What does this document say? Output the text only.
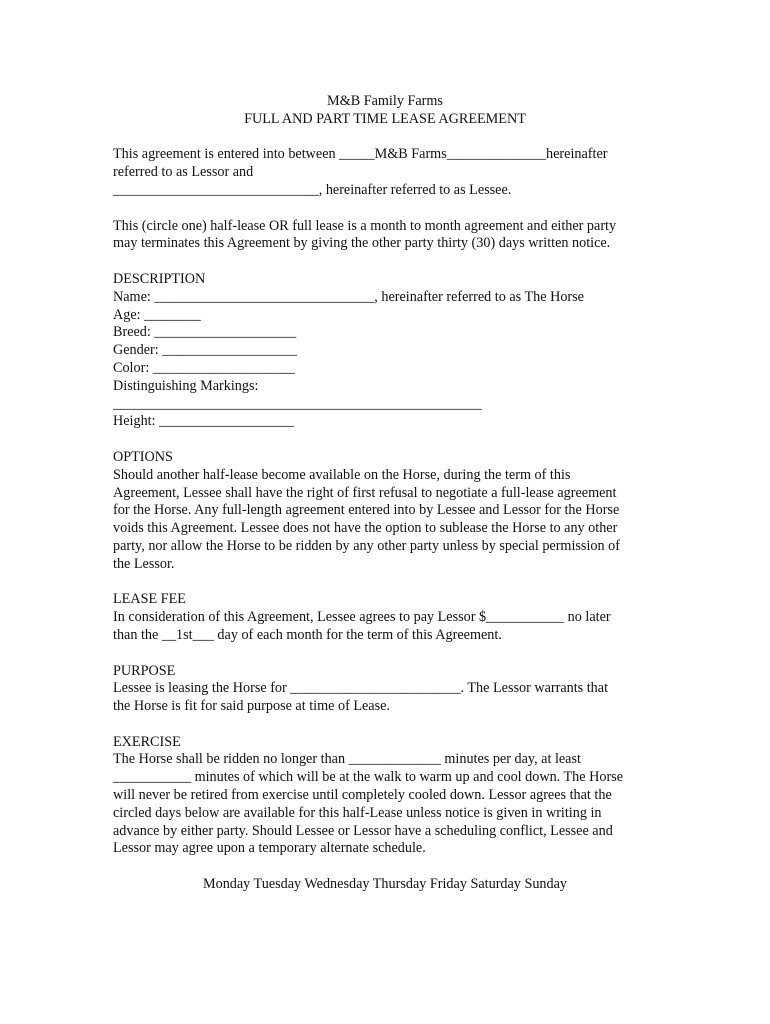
M&B Family Farms

FULL AND PART TIME LEASE AGREEMENT

This agreement is entered into between _____M&B Farms______________hereinafter

referred to as Lessor and

_____________________________, hereinafter referred to as Lessee.

This (circle one) half-lease OR full lease is a month to month agreement and either party

may terminates this Agreement by giving the other party thirty (30) days written notice.

DESCRIPTION

Name: _______________________________, hereinafter referred to as The Horse

Age: ________

Breed: ____________________

Gender: ___________________

Color: ____________________

Distinguishing Markings:

____________________________________________________

Height: ___________________

OPTIONS

Should another half-lease become available on the Horse, during the term of this

Agreement, Lessee shall have the right of first refusal to negotiate a full-lease agreement

for the Horse. Any full-length agreement entered into by Lessee and Lessor for the Horse

voids this Agreement. Lessee does not have the option to sublease the Horse to any other

party, nor allow the Horse to be ridden by any other party unless by special permission of

the Lessor.

LEASE FEE

In consideration of this Agreement, Lessee agrees to pay Lessor $___________ no later

than the __1st___ day of each month for the term of this Agreement.

PURPOSE

Lessee is leasing the Horse for ________________________. The Lessor warrants that

the Horse is fit for said purpose at time of Lease.

EXERCISE

The Horse shall be ridden no longer than _____________ minutes per day, at least

___________ minutes of which will be at the walk to warm up and cool down. The Horse

will never be retired from exercise until completely cooled down. Lessor agrees that the

circled days below are available for this half-Lease unless notice is given in writing in

advance by either party. Should Lessee or Lessor have a scheduling conflict, Lessee and

Lessor may agree upon a temporary alternate schedule.

Monday Tuesday Wednesday Thursday Friday Saturday Sunday
